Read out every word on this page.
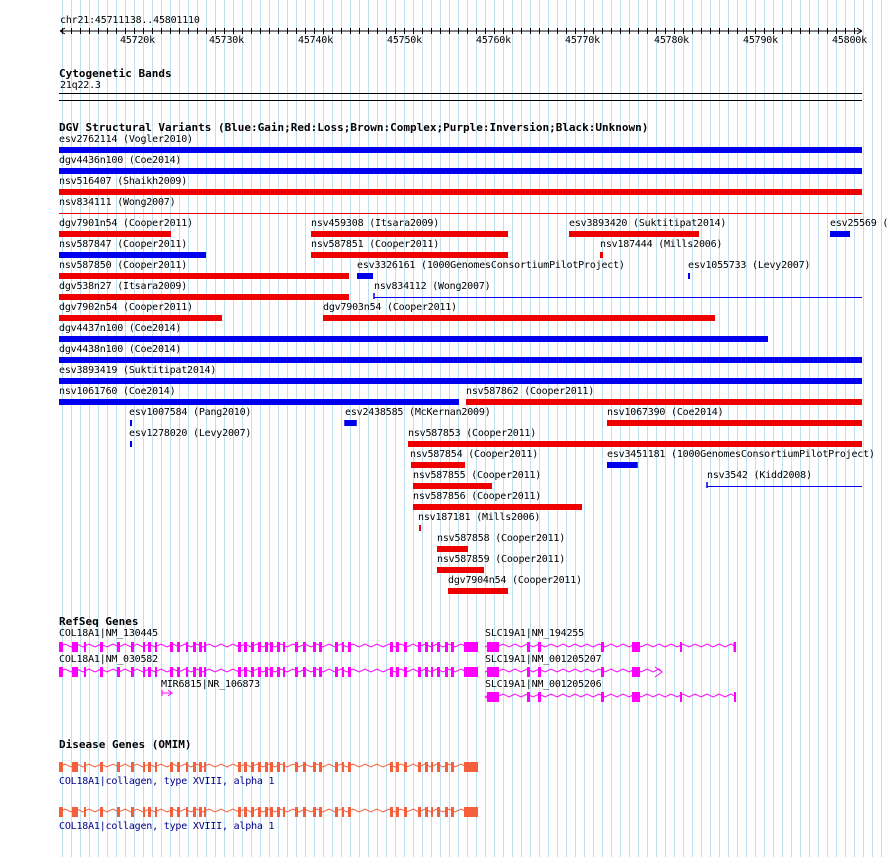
chr21:45711138..45801110
Cytogenetic Bands
21q22.3
DGV Structural Variants (Blue:Gain;Red:Loss;Brown:Complex;Purple:Inversion;Black:Unknown)
esv2762114 (Vogler2010)
dgv4436n100 (Coe2014)
nsv516407 (Shaikh2009)
nsv834111 (Wong2007)
dgv7901n54 (Cooper2011)	nsv459308 (Itsara2009)	esv3893420 (Suktitipat2014)	esv25569 (
nsv587847 (Cooper2011)	nsv587851 (Cooper2011)	nsv187444 (Mills2006)
nsv587850 (Cooper2011)	esv3326161 (1000GenomesConsortiumPilotProject)	esv1055733 (Levy2007)
dgv538n27 (Itsara2009)	nsv834112 (Wong2007)
dgv7902n54 (Cooper2011)	dgv7903n54 (Cooper2011)
dgv4437n100 (Coe2014)
dgv4438n100 (Coe2014)
esv3893419 (Suktitipat2014)
nsv1061760 (Coe2014)	nsv587862 (Cooper2011)
esv1007584 (Pang2010)	esv2438585 (McKernan2009)	nsv1067390 (Coe2014)
esv1278020 (Levy2007)	nsv587853 (Cooper2011)
nsv587854 (Cooper2011)	esv3451181 (1000GenomesConsortiumPilotProject)
nsv587855 (Cooper2011)	nsv3542 (Kidd2008)
nsv587856 (Cooper2011)
nsv187181 (Mills2006)
nsv587858 (Cooper2011)
nsv587859 (Cooper2011)
dgv7904n54 (Cooper2011)
RefSeq Genes
COL18A1|NM_130445	SLC19A1|NM_194255
COL18A1|NM_030582	SLC19A1|NM_001205207
MIR6815|NR_106873	SLC19A1|NM_001205206
Disease Genes (OMIM)
COL18A1|collagen, type XVIII, alpha 1
COL18A1|collagen, type XVIII, alpha 1
45720k	45730k	45740k	45750k	45760k	45770k	45780k	45790k	45800k
